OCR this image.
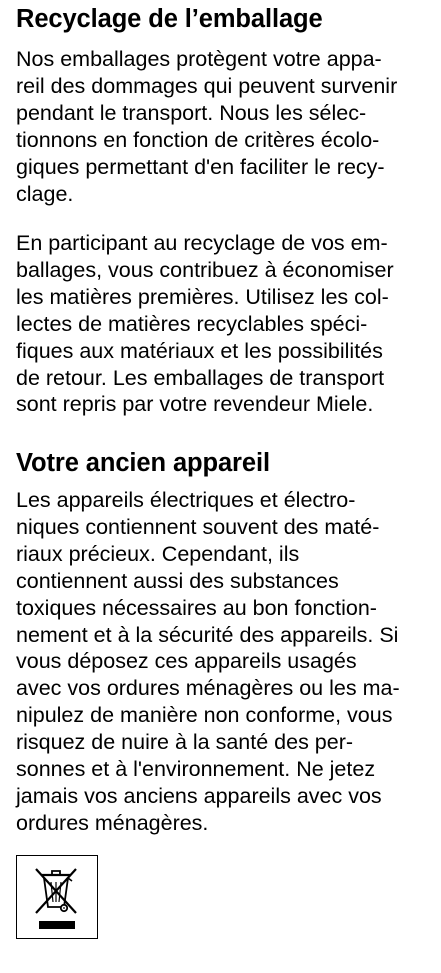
Recyclage de l’emballage
Nos emballages protègent votre appa-
reil des dommages qui peuvent survenir
pendant le transport. Nous les sélec-
tionnons en fonction de critères écolo-
giques permettant d'en faciliter le recy-
clage.
En participant au recyclage de vos em-
ballages, vous contribuez à économiser
les matières premières. Utilisez les col-
lectes de matières recyclables spéci-
fiques aux matériaux et les possibilités
de retour. Les emballages de transport
sont repris par votre revendeur Miele.
Votre ancien appareil
Les appareils électriques et électro-
niques contiennent souvent des maté-
riaux précieux. Cependant, ils
contiennent aussi des substances
toxiques nécessaires au bon fonction-
nement et à la sécurité des appareils. Si
vous déposez ces appareils usagés
avec vos ordures ménagères ou les ma-
nipulez de manière non conforme, vous
risquez de nuire à la santé des per-
sonnes et à l'environnement. Ne jetez
jamais vos anciens appareils avec vos
ordures ménagères.
